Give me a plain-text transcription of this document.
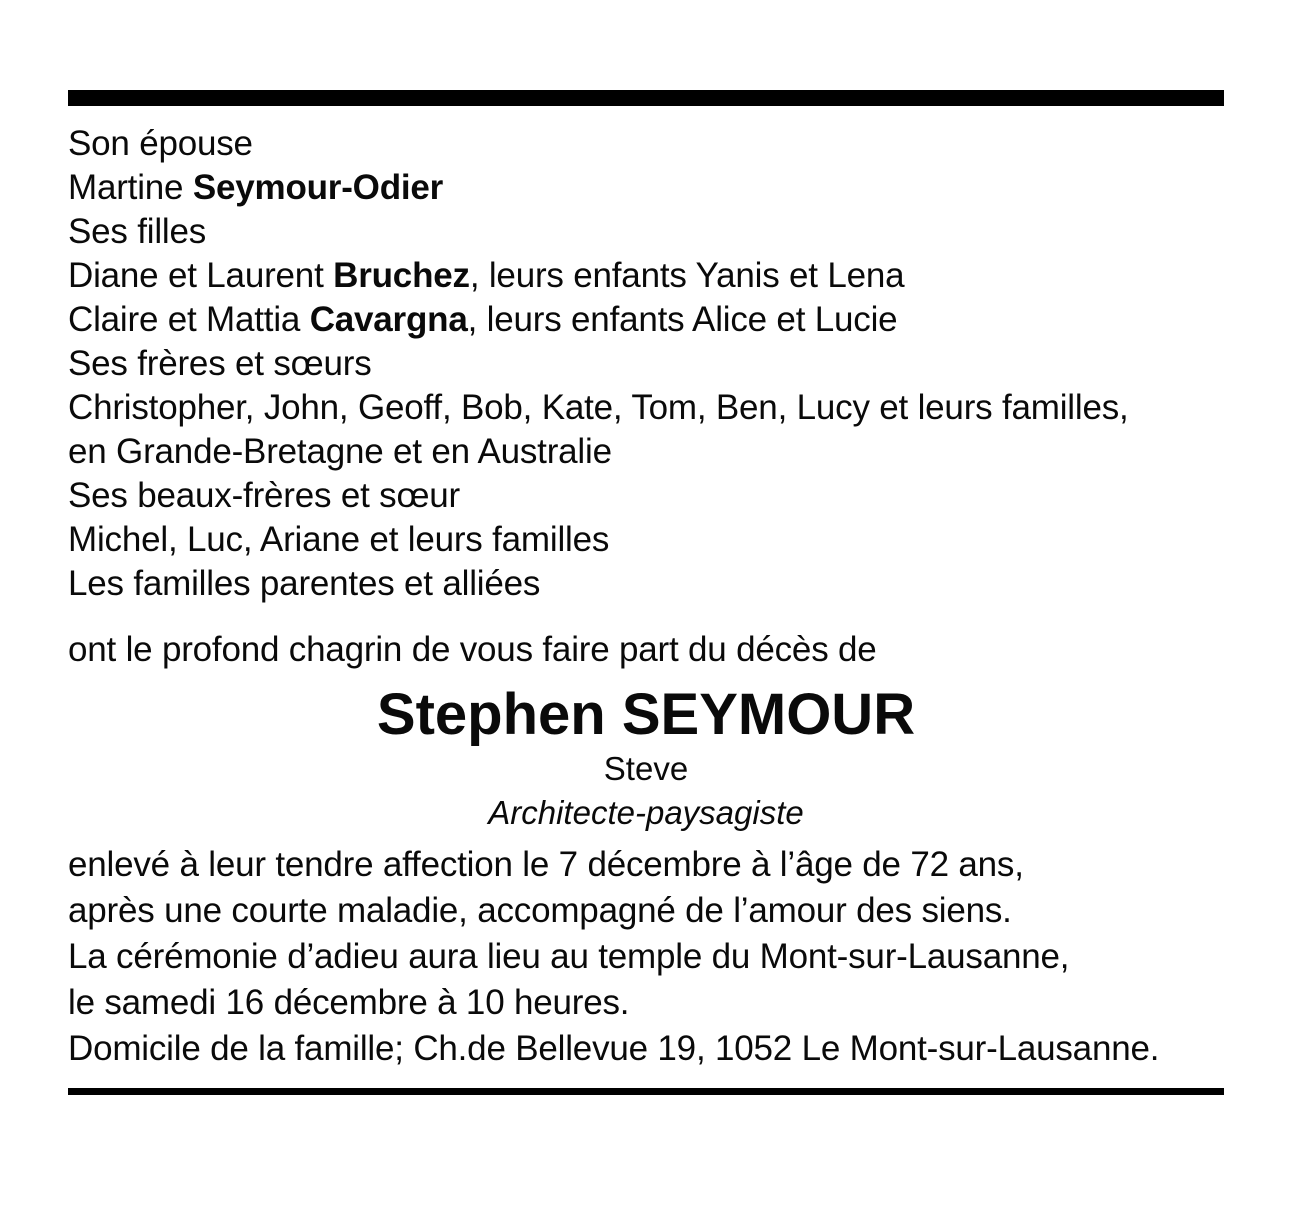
Son épouse
Martine Seymour-Odier
Ses filles
Diane et Laurent Bruchez, leurs enfants Yanis et Lena
Claire et Mattia Cavargna, leurs enfants Alice et Lucie
Ses frères et sœurs
Christopher, John, Geoff, Bob, Kate, Tom, Ben, Lucy et leurs familles,
en Grande-Bretagne et en Australie
Ses beaux-frères et sœur
Michel, Luc, Ariane et leurs familles
Les familles parentes et alliées
ont le profond chagrin de vous faire part du décès de
Stephen SEYMOUR
Steve
Architecte-paysagiste
enlevé à leur tendre affection le 7 décembre à l’âge de 72 ans,
après une courte maladie, accompagné de l’amour des siens.
La cérémonie d’adieu aura lieu au temple du Mont-sur-Lausanne,
le samedi 16 décembre à 10 heures.
Domicile de la famille; Ch.de Bellevue 19, 1052 Le Mont-sur-Lausanne.
